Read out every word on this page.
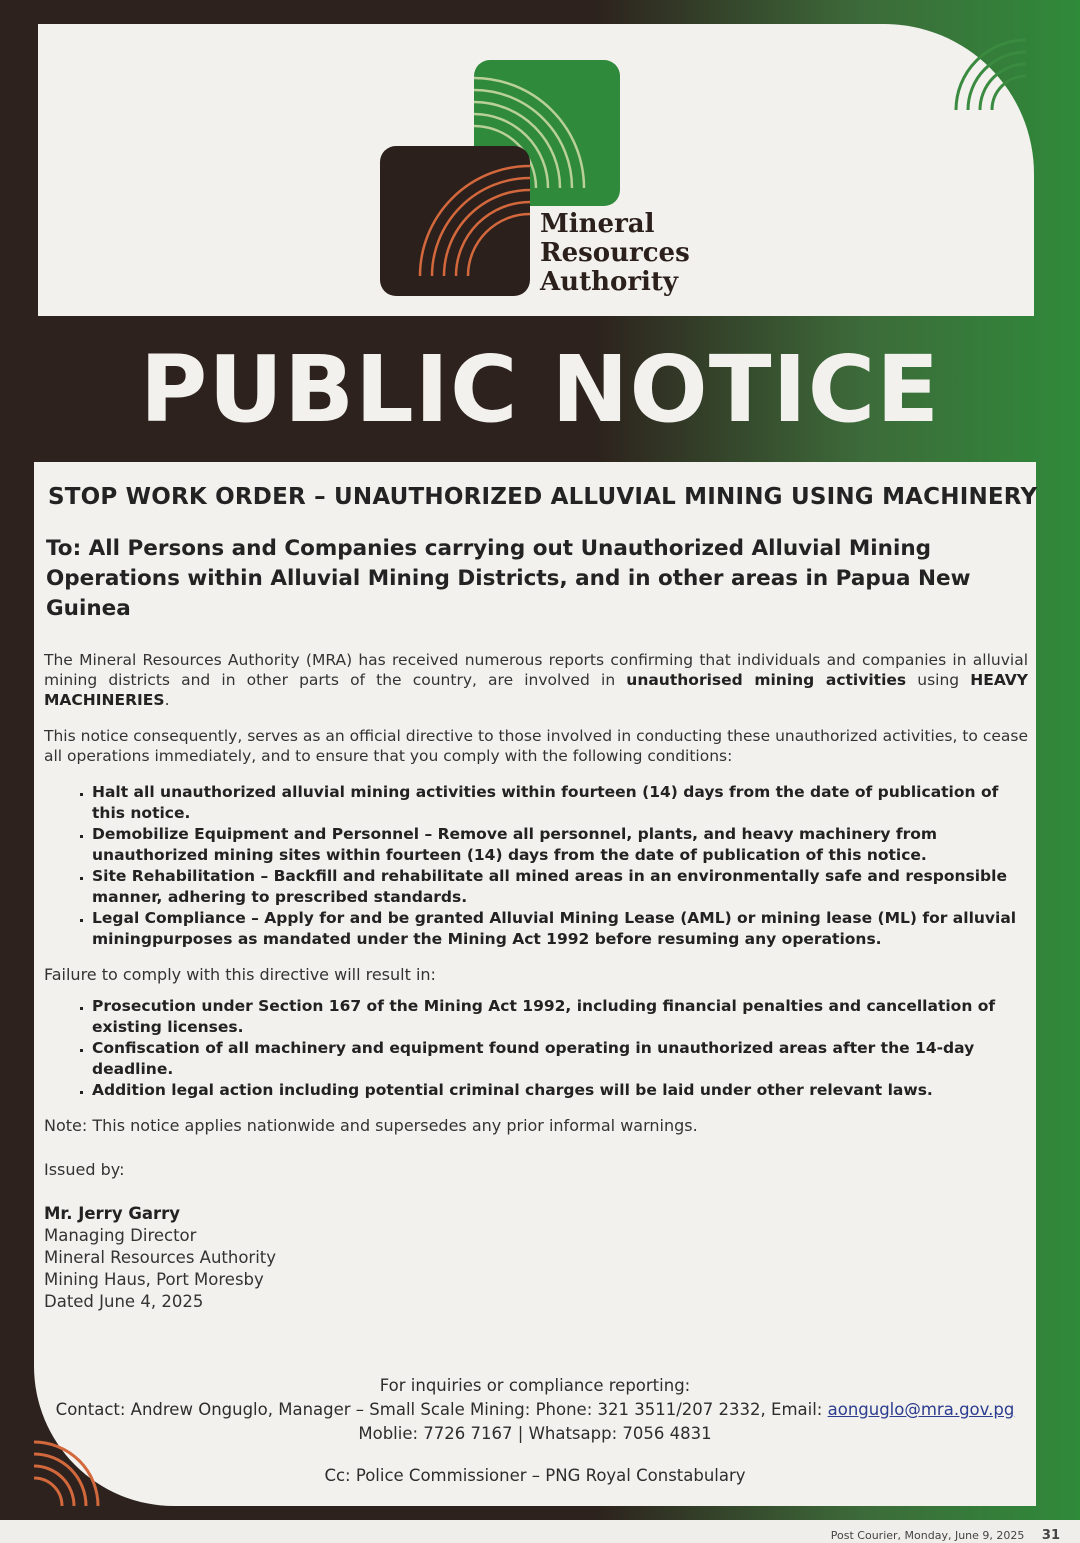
Mineral
Resources
Authority
PUBLIC NOTICE
STOP WORK ORDER – UNAUTHORIZED ALLUVIAL MINING USING MACHINERY
To: All Persons and Companies carrying out Unauthorized Alluvial Mining Operations within Alluvial Mining Districts, and in other areas in Papua New Guinea

The Mineral Resources Authority (MRA) has received numerous reports confirming that individuals and companies in alluvial mining districts and in other parts of the country, are involved in unauthorised mining activities using HEAVY MACHINERIES.

This notice consequently, serves as an official directive to those involved in conducting these unauthorized activities, to cease all operations immediately, and to ensure that you comply with the following conditions:

▪ Halt all unauthorized alluvial mining activities within fourteen (14) days from the date of publication of this notice.
▪ Demobilize Equipment and Personnel – Remove all personnel, plants, and heavy machinery from unauthorized mining sites within fourteen (14) days from the date of publication of this notice.
▪ Site Rehabilitation – Backfill and rehabilitate all mined areas in an environmentally safe and responsible manner, adhering to prescribed standards.
▪ Legal Compliance – Apply for and be granted Alluvial Mining Lease (AML) or mining lease (ML) for alluvial miningpurposes as mandated under the Mining Act 1992 before resuming any operations.
Failure to comply with this directive will result in:
▪ Prosecution under Section 167 of the Mining Act 1992, including financial penalties and cancellation of existing licenses.
▪ Confiscation of all machinery and equipment found operating in unauthorized areas after the 14-day deadline.
▪ Addition legal action including potential criminal charges will be laid under other relevant laws.
Note: This notice applies nationwide and supersedes any prior informal warnings.
Issued by:
Mr. Jerry Garry
Managing Director
Mineral Resources Authority
Mining Haus, Port Moresby
Dated June 4, 2025
For inquiries or compliance reporting:
Contact: Andrew Onguglo, Manager – Small Scale Mining: Phone: 321 3511/207 2332, Email: aonguglo@mra.gov.pg
Moblie: 7726 7167 | Whatsapp: 7056 4831
Cc: Police Commissioner – PNG Royal Constabulary
Post Courier, Monday, June 9, 2025 31
